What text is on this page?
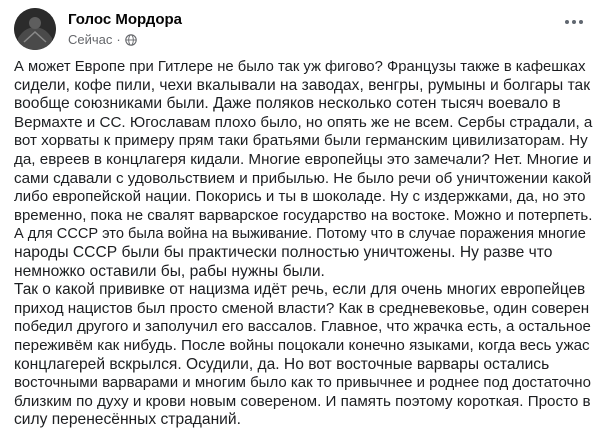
Голос Мордора
Сейчас ·
А может Европе при Гитлере не было так уж фигово? Французы также в кафешках
сидели, кофе пили, чехи вкалывали на заводах, венгры, румыны и болгары так
вообще союзниками были. Даже поляков несколько сотен тысяч воевало в
Вермахте и СС. Югославам плохо было, но опять же не всем. Сербы страдали, а
вот хорваты к примеру прям таки братьями были германским цивилизаторам. Ну
да, евреев в концлагеря кидали. Многие европейцы это замечали? Нет. Многие и
сами сдавали с удовольствием и прибылью. Не было речи об уничтожении какой
либо европейской нации. Покорись и ты в шоколаде. Ну с издержками, да, но это
временно, пока не свалят варварское государство на востоке. Можно и потерпеть.
А для СССР это была война на выживание. Потому что в случае поражения многие
народы СССР были бы практически полностью уничтожены. Ну разве что
немножко оставили бы, рабы нужны были.
Так о какой прививке от нацизма идёт речь, если для очень многих европейцев
приход нацистов был просто сменой власти? Как в средневековье, один соверен
победил другого и заполучил его вассалов. Главное, что жрачка есть, а остальное
переживём как нибудь. После войны поцокали конечно языками, когда весь ужас
концлагерей вскрылся. Осудили, да. Но вот восточные варвары остались
восточными варварами и многим было как то привычнее и роднее под достаточно
близким по духу и крови новым совереном. И память поэтому короткая. Просто в
силу перенесённых страданий.
